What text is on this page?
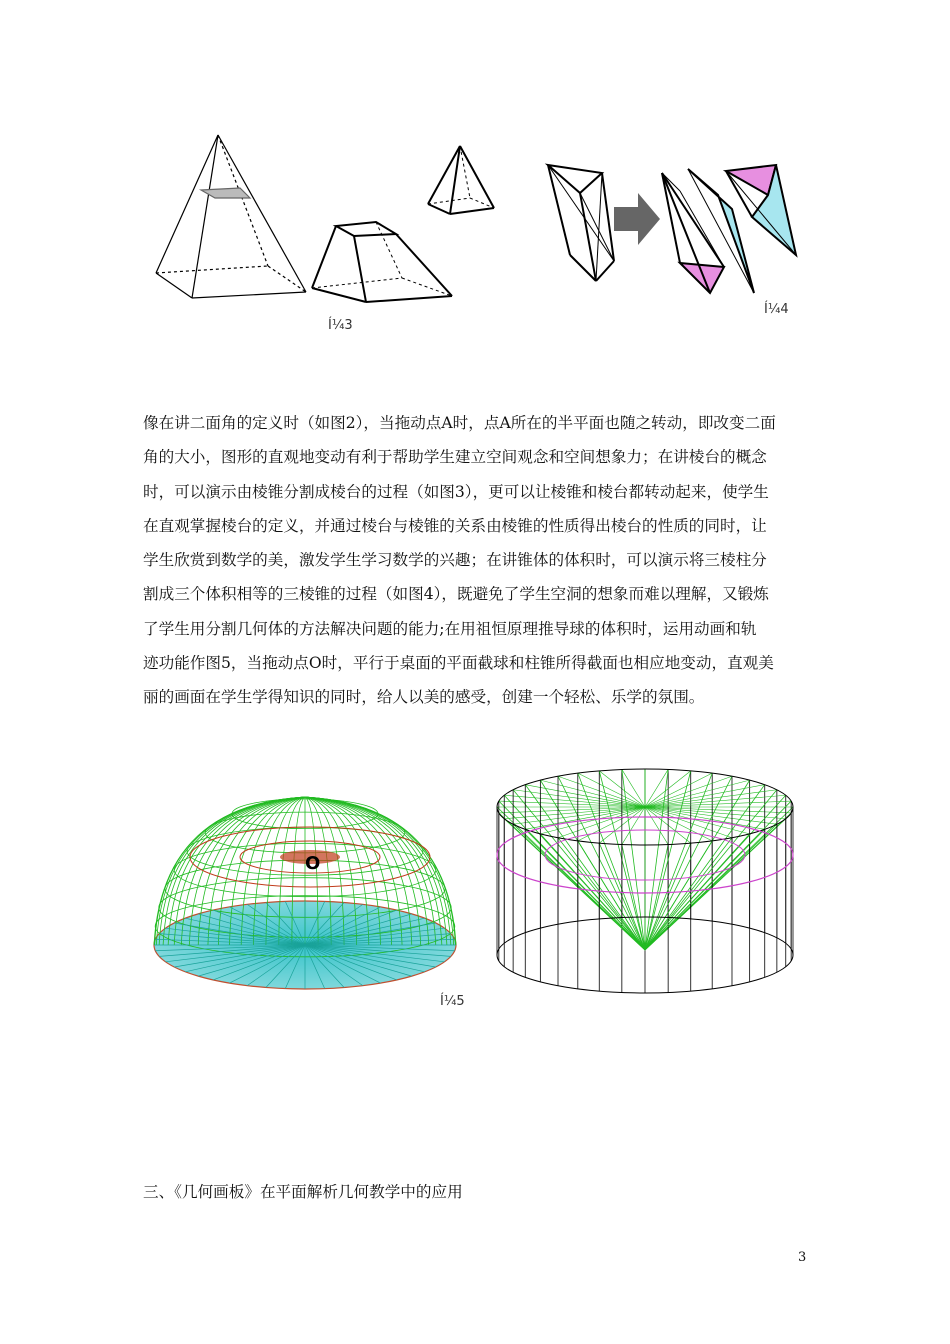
Í¼3
Í¼4
像在讲二面角的定义时（如图2），当拖动点A时，点A所在的半平面也随之转动，即改变二面
角的大小，图形的直观地变动有利于帮助学生建立空间观念和空间想象力；在讲棱台的概念
时，可以演示由棱锥分割成棱台的过程（如图3），更可以让棱锥和棱台都转动起来，使学生
在直观掌握棱台的定义，并通过棱台与棱锥的关系由棱锥的性质得出棱台的性质的同时，让
学生欣赏到数学的美，激发学生学习数学的兴趣；在讲锥体的体积时，可以演示将三棱柱分
割成三个体积相等的三棱锥的过程（如图4），既避免了学生空洞的想象而难以理解，又锻炼
了学生用分割几何体的方法解决问题的能力;在用祖恒原理推导球的体积时，运用动画和轨
迹功能作图5，当拖动点O时，平行于桌面的平面截球和柱锥所得截面也相应地变动，直观美
丽的画面在学生学得知识的同时，给人以美的感受，创建一个轻松、乐学的氛围。
O
Í¼5
三、《几何画板》在平面解析几何教学中的应用
3
